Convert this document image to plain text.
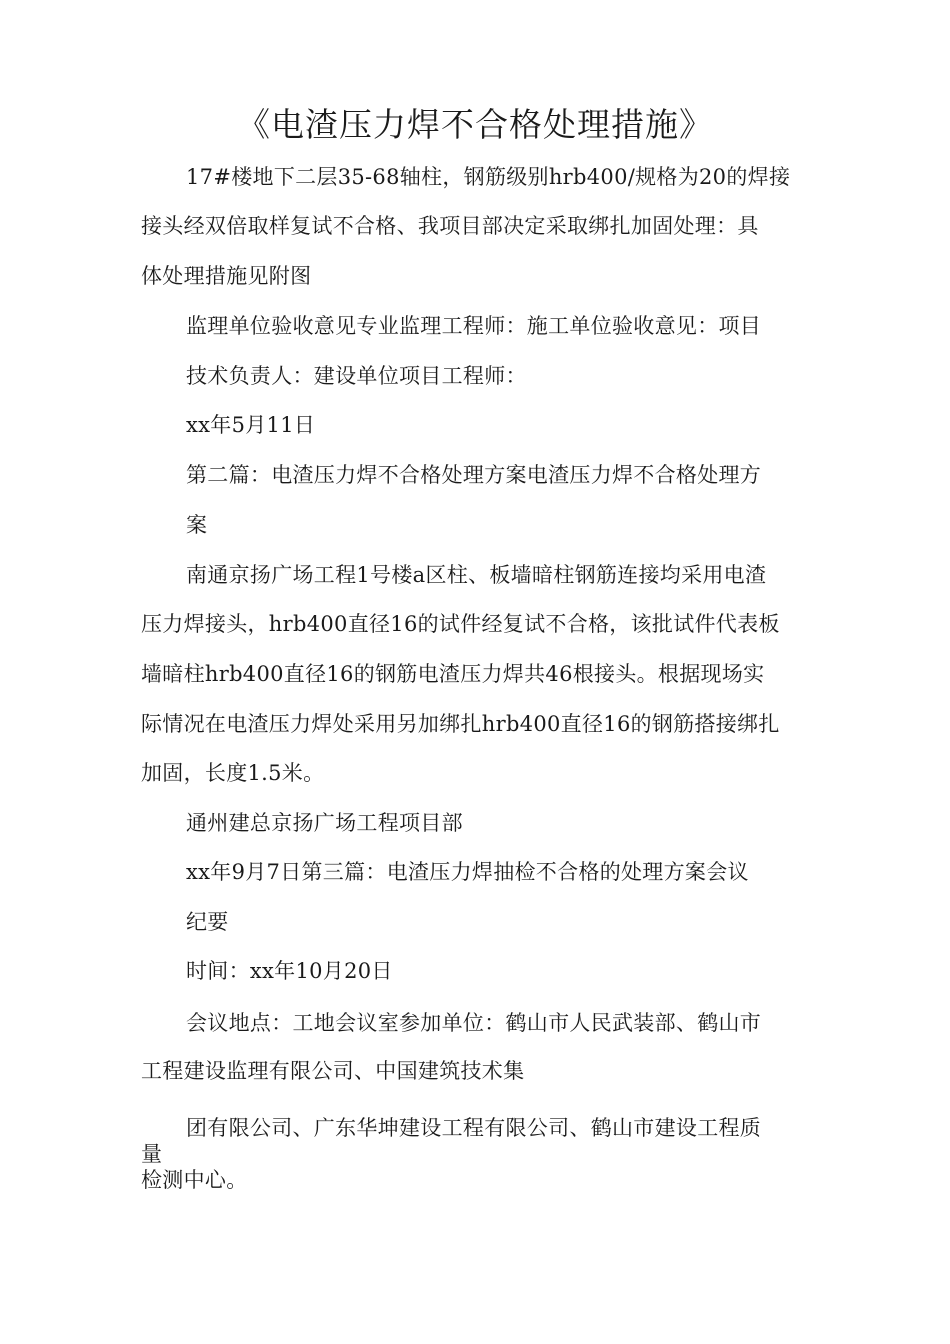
《电渣压力焊不合格处理措施》
17#楼地下二层35-68轴柱，钢筋级别hrb400/规格为20的焊接
接头经双倍取样复试不合格、我项目部决定采取绑扎加固处理：具
体处理措施见附图
监理单位验收意见专业监理工程师：施工单位验收意见：项目
技术负责人：建设单位项目工程师：
xx年5月11日
第二篇：电渣压力焊不合格处理方案电渣压力焊不合格处理方
案
南通京扬广场工程1号楼a区柱、板墙暗柱钢筋连接均采用电渣
压力焊接头，hrb400直径16的试件经复试不合格，该批试件代表板
墙暗柱hrb400直径16的钢筋电渣压力焊共46根接头。根据现场实
际情况在电渣压力焊处采用另加绑扎hrb400直径16的钢筋搭接绑扎
加固，长度1.5米。
通州建总京扬广场工程项目部
xx年9月7日第三篇：电渣压力焊抽检不合格的处理方案会议
纪要
时间：xx年10月20日
会议地点：工地会议室参加单位：鹤山市人民武装部、鹤山市
工程建设监理有限公司、中国建筑技术集
团有限公司、广东华坤建设工程有限公司、鹤山市建设工程质
量
检测中心。
